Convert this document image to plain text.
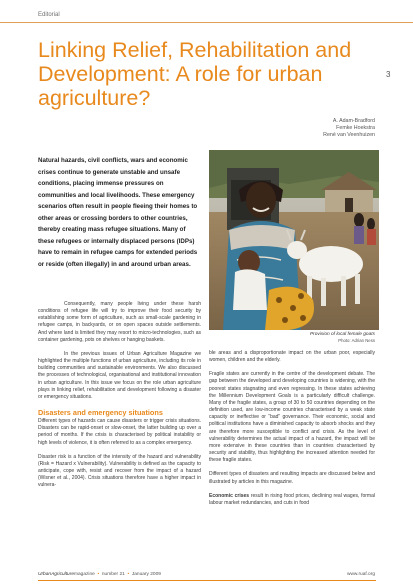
Editorial
Linking Relief, Rehabilitation and Development: A role for urban agriculture?
3
A. Adam-Bradford
Femke Hoekstra
René van Veenhuizen

Natural hazards, civil conflicts, wars and economic crises continue to generate unstable and unsafe conditions, placing immense pressures on communities and local livelihoods. These emergency scenarios often result in people fleeing their homes to other areas or crossing borders to other countries, thereby creating mass refugee situations. Many of these refugees or internally displaced persons (IDPs) have to remain in refugee camps for extended periods or reside (often illegally) in and around urban areas.

Provision of local female goats
Photo: Adrian Ness

Consequently, many people living under these harsh conditions of refugee life will try to improve their food security by establishing some form of agriculture, such as small-scale gardening in refugee camps, in backyards, or on open spaces outside settlements. And where land is limited they may resort to micro-technologies, such as container gardening, pots on shelves or hanging baskets.

In the previous issues of Urban Agriculture Magazine we highlighted the multiple functions of urban agriculture, including its role in building communities and sustainable environments. We also discussed the processes of technological, organisational and institutional innovation in urban agriculture. In this issue we focus on the role urban agriculture plays in linking relief, rehabilitation and development following a disaster or emergency situations.

Disasters and emergency situations

Different types of hazards can cause disasters or trigger crisis situations. Disasters can be rapid-onset or slow-onset, the latter building up over a period of months. If the crisis is characterised by political instability or high levels of violence, it is often referred to as a complex emergency.

Disaster risk is a function of the intensity of the hazard and vulnerability (Risk = Hazard x Vulnerability). Vulnerability is defined as the capacity to anticipate, cope with, resist and recover from the impact of a hazard (Wisner et al., 2004). Crisis situations therefore have a higher impact in vulnera-

ble areas and a disproportionate impact on the urban poor, especially women, children and the elderly.

Fragile states are currently in the centre of the development debate. The gap between the developed and developing countries is widening, with the poorest states stagnating and even regressing. In these states achieving the Millennium Development Goals is a particularly difficult challenge. Many of the fragile states, a group of 30 to 50 countries depending on the definition used, are low-income countries characterised by a weak state capacity or ineffective or “bad” governance. Their economic, social and political institutions have a diminished capacity to absorb shocks and they are therefore more susceptible to conflict and crisis. As the level of vulnerability determines the actual impact of a hazard, the impact will be more extensive in these countries than in countries characterised by security and stability, thus highlighting the increased attention needed for these fragile states.

Different types of disasters and resulting impacts are discussed below and illustrated by articles in this magazine.

Economic crises result in rising food prices, declining real wages, formal labour market redundancies, and cuts in food

UrbanAgriculturemagazine  •  number 21  •  January 2009	www.ruaf.org
